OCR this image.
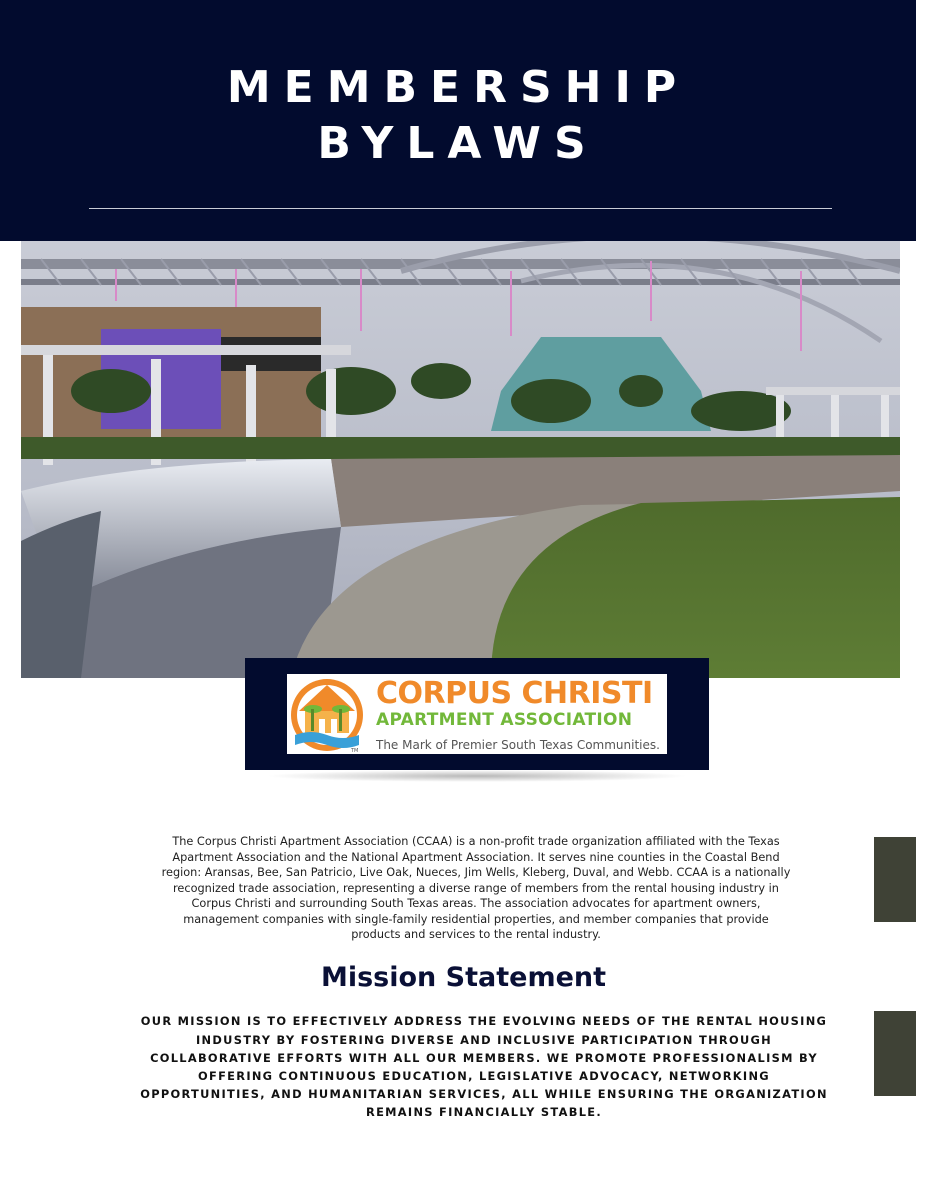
MEMBERSHIP
BYLAWS
TM
CORPUS CHRISTI
APARTMENT ASSOCIATION
The Mark of Premier South Texas Communities.

The Corpus Christi Apartment Association (CCAA) is a non-profit trade organization affiliated with the Texas Apartment Association and the National Apartment Association. It serves nine counties in the Coastal Bend region: Aransas, Bee, San Patricio, Live Oak, Nueces, Jim Wells, Kleberg, Duval, and Webb. CCAA is a nationally recognized trade association, representing a diverse range of members from the rental housing industry in Corpus Christi and surrounding South Texas areas. The association advocates for apartment owners, management companies with single-family residential properties, and member companies that provide products and services to the rental industry.

Mission Statement

OUR MISSION IS TO EFFECTIVELY ADDRESS THE EVOLVING NEEDS OF THE RENTAL HOUSING INDUSTRY BY FOSTERING DIVERSE AND INCLUSIVE PARTICIPATION THROUGH COLLABORATIVE EFFORTS WITH ALL OUR MEMBERS. WE PROMOTE PROFESSIONALISM BY OFFERING CONTINUOUS EDUCATION, LEGISLATIVE ADVOCACY, NETWORKING OPPORTUNITIES, AND HUMANITARIAN SERVICES, ALL WHILE ENSURING THE ORGANIZATION REMAINS FINANCIALLY STABLE.
